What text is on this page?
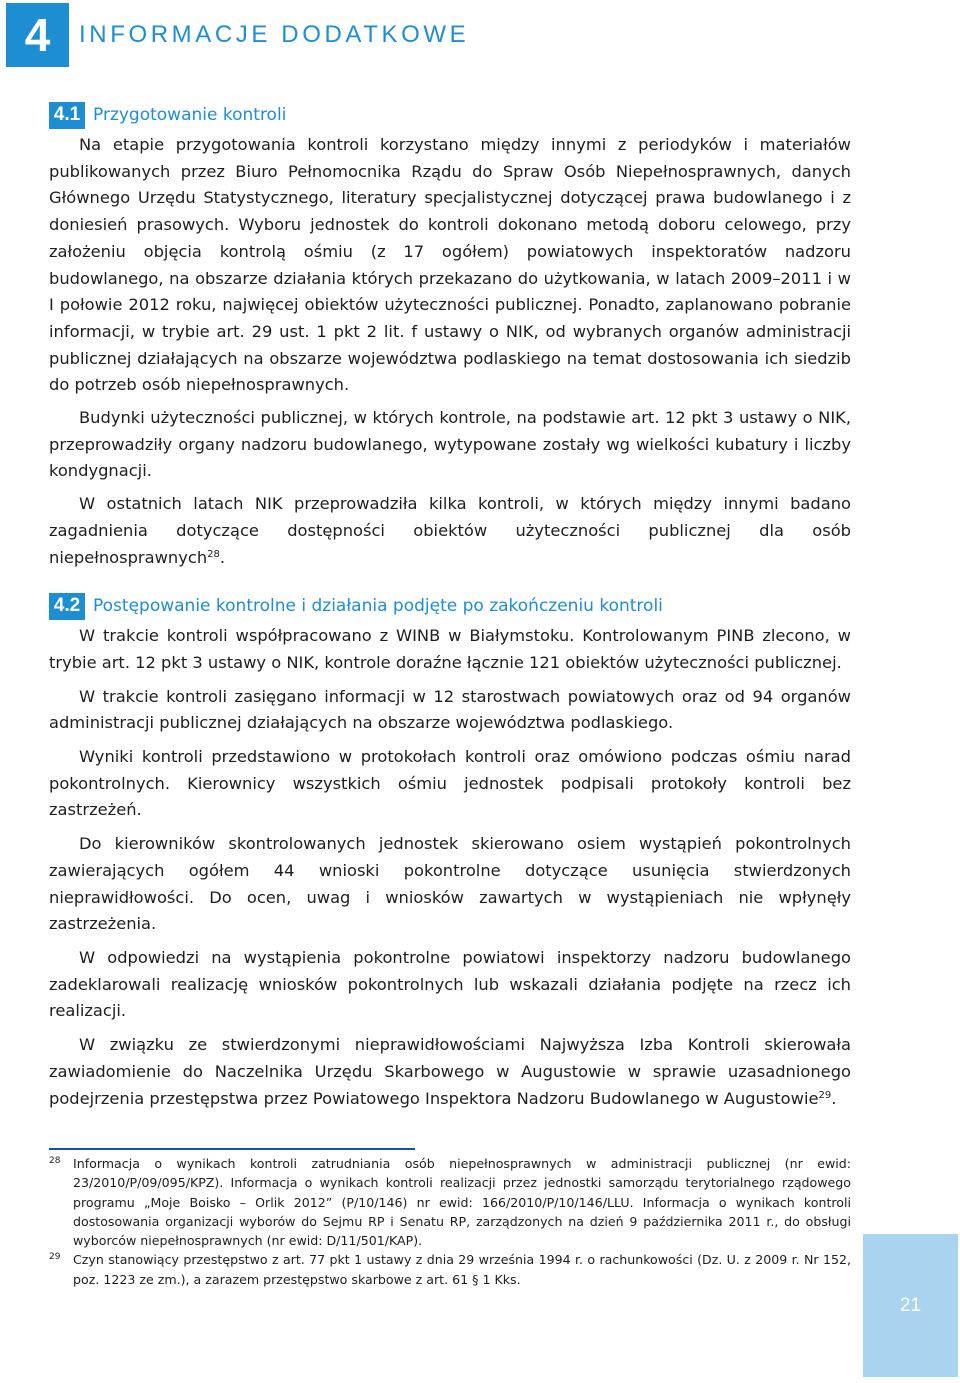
4	INFORMACJE DODATKOWE
4.1 Przygotowanie kontroli

Na etapie przygotowania kontroli korzystano między innymi z periodyków i materiałów publikowanych przez Biuro Pełnomocnika Rządu do Spraw Osób Niepełnosprawnych, danych Głównego Urzędu Statystycznego, literatury specjalistycznej dotyczącej prawa budowlanego i z doniesień prasowych. Wyboru jednostek do kontroli dokonano metodą doboru celowego, przy założeniu objęcia kontrolą ośmiu (z 17 ogółem) powiatowych inspektoratów nadzoru budowlanego, na obszarze działania których przekazano do użytkowania, w latach 2009–2011 i w I połowie 2012 roku, najwięcej obiektów użyteczności publicznej. Ponadto, zaplanowano pobranie informacji, w trybie art. 29 ust. 1 pkt 2 lit. f ustawy o NIK, od wybranych organów administracji publicznej działających na obszarze województwa podlaskiego na temat dostosowania ich siedzib do potrzeb osób niepełnosprawnych.

Budynki użyteczności publicznej, w których kontrole, na podstawie art. 12 pkt 3 ustawy o NIK, przeprowadziły organy nadzoru budowlanego, wytypowane zostały wg wielkości kubatury i liczby kondygnacji.

W ostatnich latach NIK przeprowadziła kilka kontroli, w których między innymi badano zagadnienia dotyczące dostępności obiektów użyteczności publicznej dla osób niepełnosprawnych$^{28}$.

4.2 Postępowanie kontrolne i działania podjęte po zakończeniu kontroli

W trakcie kontroli współpracowano z WINB w Białymstoku. Kontrolowanym PINB zlecono, w trybie art. 12 pkt 3 ustawy o NIK, kontrole doraźne łącznie 121 obiektów użyteczności publicznej.

W trakcie kontroli zasięgano informacji w 12 starostwach powiatowych oraz od 94 organów administracji publicznej działających na obszarze województwa podlaskiego.

Wyniki kontroli przedstawiono w protokołach kontroli oraz omówiono podczas ośmiu narad pokontrolnych. Kierownicy wszystkich ośmiu jednostek podpisali protokoły kontroli bez zastrzeżeń.

Do kierowników skontrolowanych jednostek skierowano osiem wystąpień pokontrolnych zawierających ogółem 44 wnioski pokontrolne dotyczące usunięcia stwierdzonych nieprawidłowości. Do ocen, uwag i wniosków zawartych w wystąpieniach nie wpłynęły zastrzeżenia.

W odpowiedzi na wystąpienia pokontrolne powiatowi inspektorzy nadzoru budowlanego zadeklarowali realizację wniosków pokontrolnych lub wskazali działania podjęte na rzecz ich realizacji.

W związku ze stwierdzonymi nieprawidłowościami Najwyższa Izba Kontroli skierowała zawiadomienie do Naczelnika Urzędu Skarbowego w Augustowie w sprawie uzasadnionego podejrzenia przestępstwa przez Powiatowego Inspektora Nadzoru Budowlanego w Augustowie$^{29}$.

28 Informacja o wynikach kontroli zatrudniania osób niepełnosprawnych w administracji publicznej (nr ewid: 23/2010/P/09/095/KPZ). Informacja o wynikach kontroli realizacji przez jednostki samorządu terytorialnego rządowego programu „Moje Boisko – Orlik 2012” (P/10/146) nr ewid: 166/2010/P/10/146/LLU. Informacja o wynikach kontroli dostosowania organizacji wyborów do Sejmu RP i Senatu RP, zarządzonych na dzień 9 października 2011 r., do obsługi wyborców niepełnosprawnych (nr ewid: D/11/501/KAP).
29 Czyn stanowiący przestępstwo z art. 77 pkt 1 ustawy z dnia 29 września 1994 r. o rachunkowości (Dz. U. z 2009 r. Nr 152, poz. 1223 ze zm.), a zarazem przestępstwo skarbowe z art. 61 § 1 Kks.
21
